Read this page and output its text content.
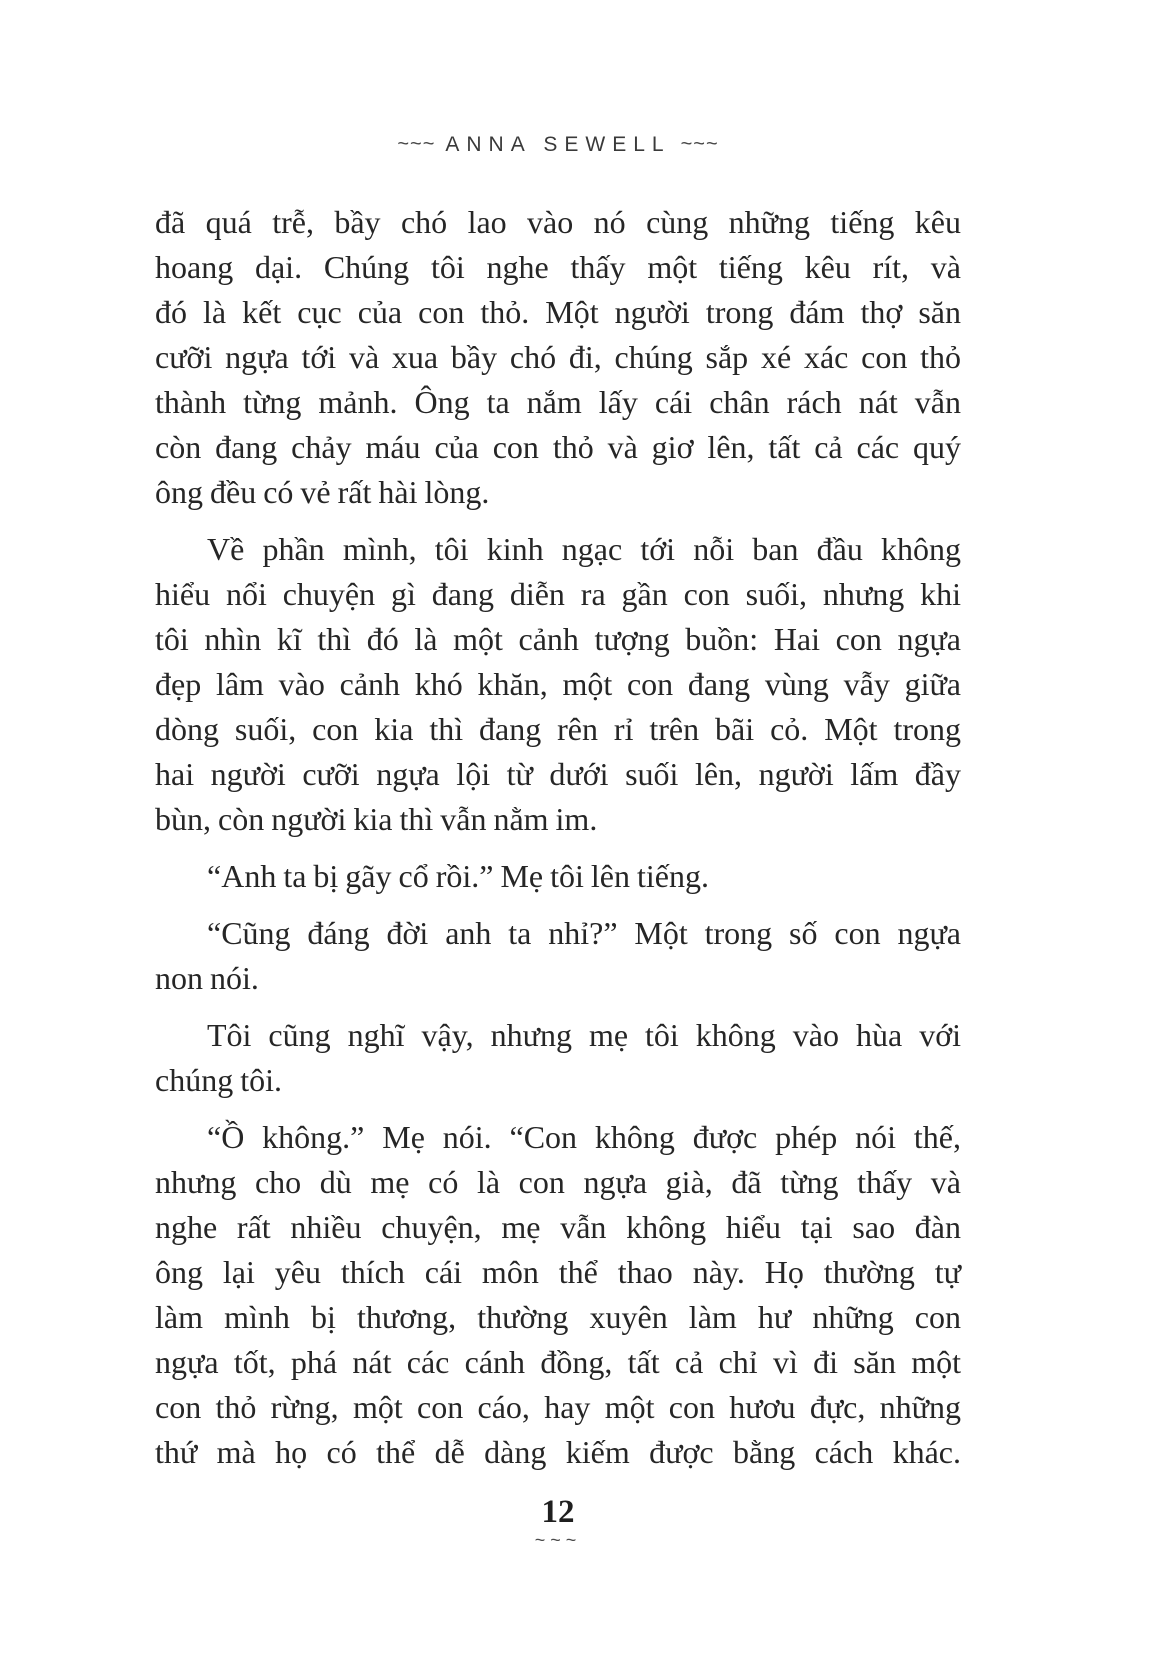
~~~ ANNA SEWELL ~~~
đã quá trễ, bầy chó lao vào nó cùng những tiếng kêu
hoang dại. Chúng tôi nghe thấy một tiếng kêu rít, và
đó là kết cục của con thỏ. Một người trong đám thợ săn
cưỡi ngựa tới và xua bầy chó đi, chúng sắp xé xác con thỏ
thành từng mảnh. Ông ta nắm lấy cái chân rách nát vẫn
còn đang chảy máu của con thỏ và giơ lên, tất cả các quý
ông đều có vẻ rất hài lòng.
Về phần mình, tôi kinh ngạc tới nỗi ban đầu không
hiểu nổi chuyện gì đang diễn ra gần con suối, nhưng khi
tôi nhìn kĩ thì đó là một cảnh tượng buồn: Hai con ngựa
đẹp lâm vào cảnh khó khăn, một con đang vùng vẫy giữa
dòng suối, con kia thì đang rên rỉ trên bãi cỏ. Một trong
hai người cưỡi ngựa lội từ dưới suối lên, người lấm đầy
bùn, còn người kia thì vẫn nằm im.
“Anh ta bị gãy cổ rồi.” Mẹ tôi lên tiếng.
“Cũng đáng đời anh ta nhỉ?” Một trong số con ngựa
non nói.
Tôi cũng nghĩ vậy, nhưng mẹ tôi không vào hùa với
chúng tôi.
“Ồ không.” Mẹ nói. “Con không được phép nói thế,
nhưng cho dù mẹ có là con ngựa già, đã từng thấy và
nghe rất nhiều chuyện, mẹ vẫn không hiểu tại sao đàn
ông lại yêu thích cái môn thể thao này. Họ thường tự
làm mình bị thương, thường xuyên làm hư những con
ngựa tốt, phá nát các cánh đồng, tất cả chỉ vì đi săn một
con thỏ rừng, một con cáo, hay một con hươu đực, những
thứ mà họ có thể dễ dàng kiếm được bằng cách khác.
12
~~~
